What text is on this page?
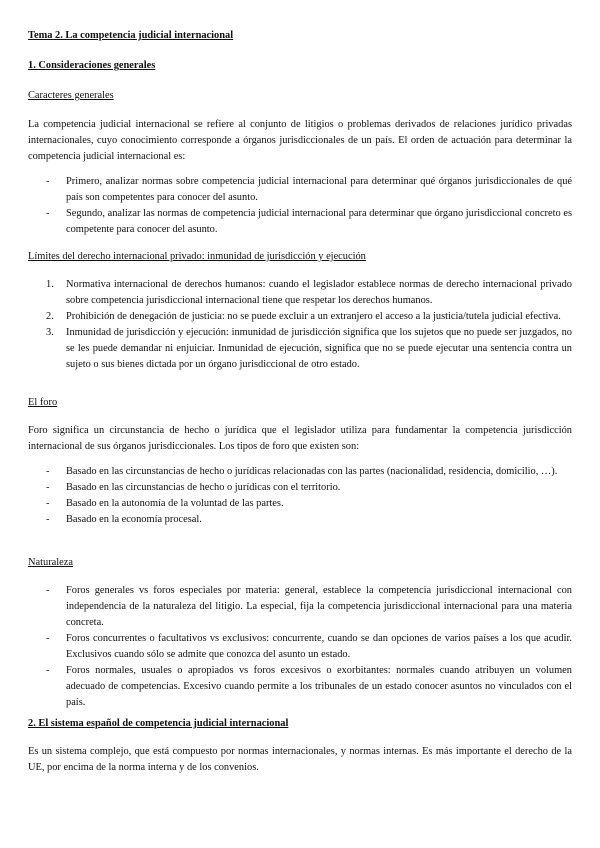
Tema 2. La competencia judicial internacional

1. Consideraciones generales

Caracteres generales

La competencia judicial internacional se refiere al conjunto de litigios o problemas derivados de relaciones jurídico privadas internacionales, cuyo conocimiento corresponde a órganos jurisdiccionales de un país. El orden de actuación para determinar la competencia judicial internacional es:

- Primero, analizar normas sobre competencia judicial internacional para determinar qué órganos jurisdiccionales de qué país son competentes para conocer del asunto.
- Segundo, analizar las normas de competencia judicial internacional para determinar que órgano jurisdiccional concreto es competente para conocer del asunto.

Límites del derecho internacional privado: inmunidad de jurisdicción y ejecución

1. Normativa internacional de derechos humanos: cuando el legislador establece normas de derecho internacional privado sobre competencia jurisdiccional internacional tiene que respetar los derechos humanos.
2. Prohibición de denegación de justicia: no se puede excluir a un extranjero el acceso a la justicia/tutela judicial efectiva.
3. Inmunidad de jurisdicción y ejecución: inmunidad de jurisdicción significa que los sujetos que no puede ser juzgados, no se les puede demandar ni enjuiciar. Inmunidad de ejecución, significa que no se puede ejecutar una sentencia contra un sujeto o sus bienes dictada por un órgano jurisdiccional de otro estado.

El foro

Foro significa un circunstancia de hecho o jurídica que el legislador utiliza para fundamentar la competencia jurisdicción internacional de sus órganos jurisdiccionales. Los tipos de foro que existen son:

- Basado en las circunstancias de hecho o jurídicas relacionadas con las partes (nacionalidad, residencia, domicilio, …).
- Basado en las circunstancias de hecho o jurídicas con el territorio.
- Basado en la autonomía de la voluntad de las partes.
- Basado en la economía procesal.

Naturaleza

- Foros generales vs foros especiales por materia: general, establece la competencia jurisdiccional internacional con independencia de la naturaleza del litigio. La especial, fija la competencia jurisdiccional internacional para una materia concreta.
- Foros concurrentes o facultativos vs exclusivos: concurrente, cuando se dan opciones de varios países a los que acudir. Exclusivos cuando sólo se admite que conozca del asunto un estado.
- Foros normales, usuales o apropiados vs foros excesivos o exorbitantes: normales cuando atribuyen un volumen adecuado de competencias. Excesivo cuando permite a los tribunales de un estado conocer asuntos no vinculados con el país.

2. El sistema español de competencia judicial internacional

Es un sistema complejo, que está compuesto por normas internacionales, y normas internas. Es más importante el derecho de la UE, por encima de la norma interna y de los convenios.
